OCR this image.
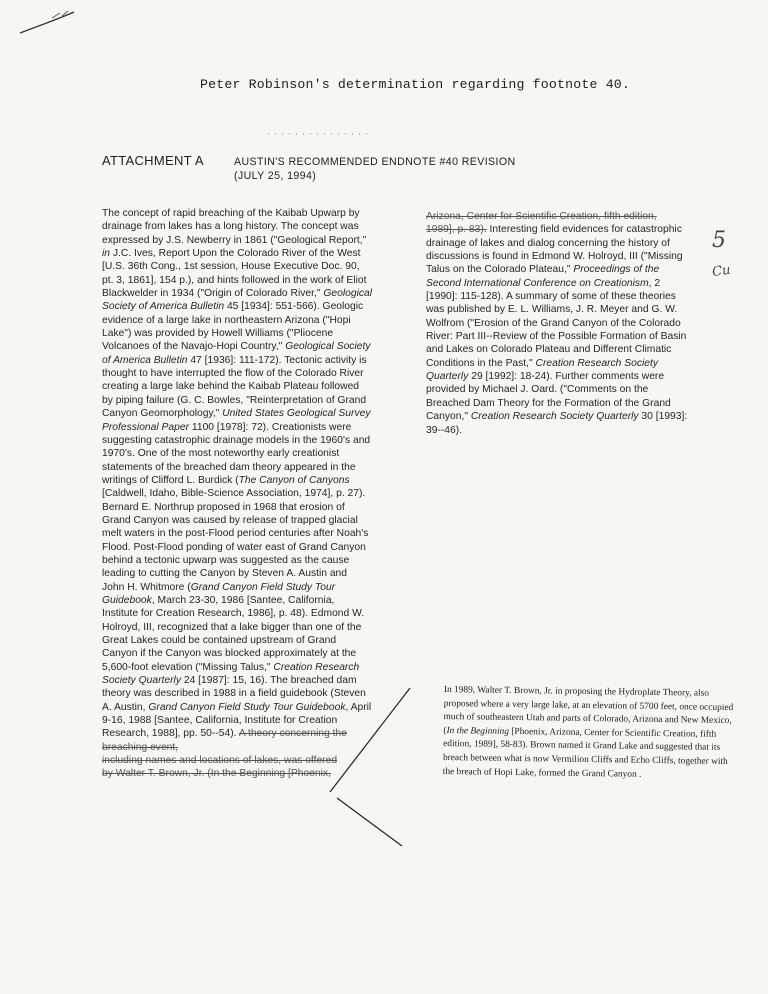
Peter Robinson's determination regarding footnote 40.
ATTACHMENT A	AUSTIN'S RECOMMENDED ENDNOTE #40 REVISION
(JULY 25, 1994)

The concept of rapid breaching of the Kaibab Upwarp by drainage from lakes has a long history. The concept was expressed by J.S. Newberry in 1861 ("Geological Report," in J.C. Ives, Report Upon the Colorado River of the West [U.S. 36th Cong., 1st session, House Executive Doc. 90, pt. 3, 1861], 154 p.), and hints followed in the work of Eliot Blackwelder in 1934 ("Origin of Colorado River," Geological Society of America Bulletin 45 [1934]: 551-566). Geologic evidence of a large lake in northeastern Arizona ("Hopi Lake") was provided by Howell Williams ("Pliocene Volcanoes of the Navajo-Hopi Country," Geological Society of America Bulletin 47 [1936]: 111-172). Tectonic activity is thought to have interrupted the flow of the Colorado River creating a large lake behind the Kaibab Plateau followed by piping failure (G. C. Bowles, "Reinterpretation of Grand Canyon Geomorphology," United States Geological Survey Professional Paper 1100 [1978]: 72). Creationists were suggesting catastrophic drainage models in the 1960's and 1970's. One of the most noteworthy early creationist statements of the breached dam theory appeared in the writings of Clifford L. Burdick (The Canyon of Canyons [Caldwell, Idaho, Bible-Science Association, 1974], p. 27). Bernard E. Northrup proposed in 1968 that erosion of Grand Canyon was caused by release of trapped glacial melt waters in the post-Flood period centuries after Noah's Flood. Post-Flood ponding of water east of Grand Canyon behind a tectonic upwarp was suggested as the cause leading to cutting the Canyon by Steven A. Austin and John H. Whitmore (Grand Canyon Field Study Tour Guidebook, March 23-30, 1986 [Santee, California, Institute for Creation Research, 1986], p. 48). Edmond W. Holroyd, III, recognized that a lake bigger than one of the Great Lakes could be contained upstream of Grand Canyon if the Canyon was blocked approximately at the 5,600-foot elevation ("Missing Talus," Creation Research Society Quarterly 24 [1987]: 15, 16). The breached dam theory was described in 1988 in a field guidebook (Steven A. Austin, Grand Canyon Field Study Tour Guidebook, April 9-16, 1988 [Santee, California, Institute for Creation Research, 1988], pp. 50--54). A theory concerning the breaching event,
including names and locations of lakes, was offered
by Walter T. Brown, Jr. (In the Beginning [Phoenix,

Arizona, Center for Scientific Creation, fifth edition,
1989], p. 83). Interesting field evidences for catastrophic drainage of lakes and dialog concerning the history of discussions is found in Edmond W. Holroyd, III ("Missing Talus on the Colorado Plateau," Proceedings of the Second International Conference on Creationism, 2 [1990]: 115-128). A summary of some of these theories was published by E. L. Williams, J. R. Meyer and G. W. Wolfrom ("Erosion of the Grand Canyon of the Colorado River: Part III--Review of the Possible Formation of Basin and Lakes on Colorado Plateau and Different Climatic Conditions in the Past," Creation Research Society Quarterly 29 [1992]: 18-24). Further comments were provided by Michael J. Oard. ("Comments on the Breached Dam Theory for the Formation of the Grand Canyon," Creation Research Society Quarterly 30 [1993]: 39--46).

5
Cu

In 1989, Walter T. Brown, Jr. in proposing the Hydroplate Theory, also proposed where a very large lake, at an elevation of 5700 feet, once occupied much of southeastern Utah and parts of Colorado, Arizona and New Mexico, (In the Beginning [Phoenix, Arizona, Center for Scientific Creation, fifth edition, 1989], 58-83). Brown named it Grand Lake and suggested that its breach between what is now Vermilion Cliffs and Echo Cliffs, together with the breach of Hopi Lake, formed the Grand Canyon .
